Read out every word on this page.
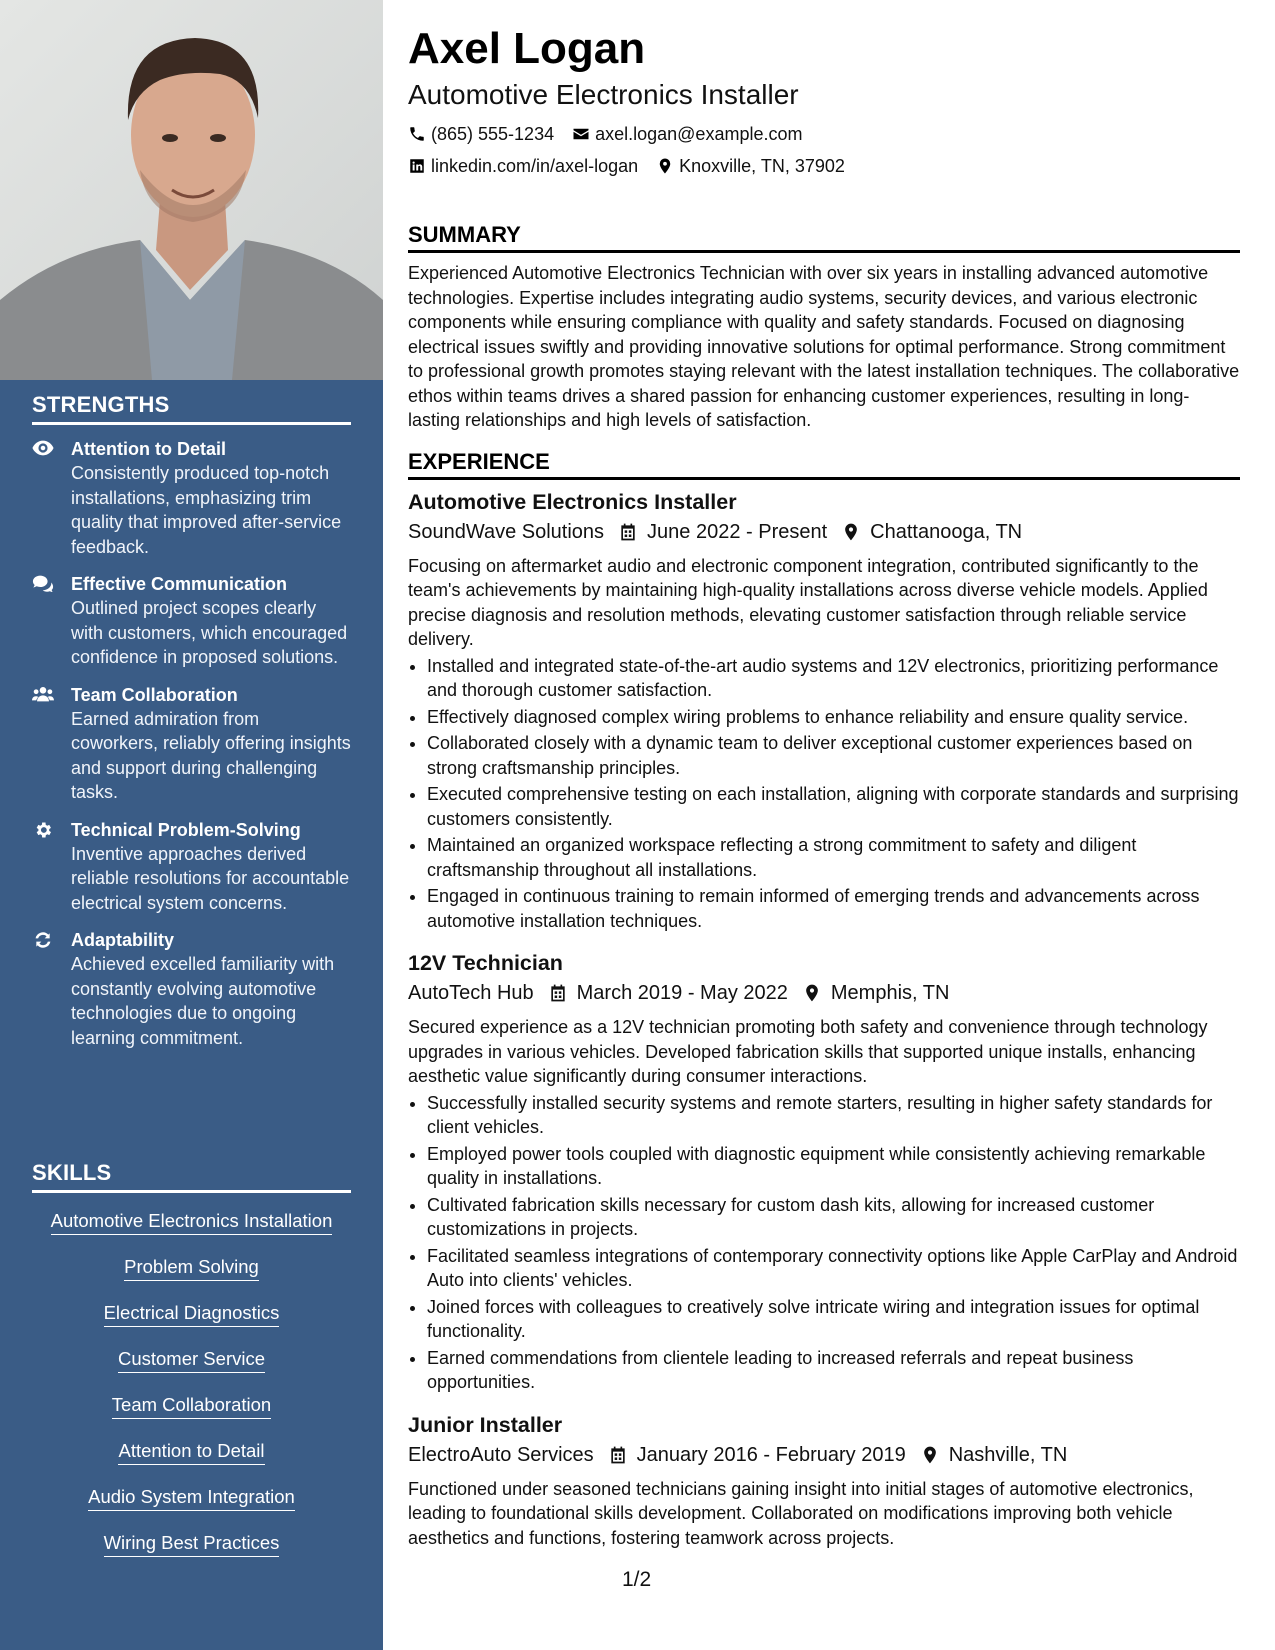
STRENGTHS
Attention to Detail
Consistently produced top-notch installations, emphasizing trim quality that improved after-service feedback.
Effective Communication
Outlined project scopes clearly with customers, which encouraged confidence in proposed solutions.
Team Collaboration
Earned admiration from coworkers, reliably offering insights and support during challenging tasks.
Technical Problem-Solving
Inventive approaches derived reliable resolutions for accountable electrical system concerns.
Adaptability
Achieved excelled familiarity with constantly evolving automotive technologies due to ongoing learning commitment.
SKILLS
Automotive Electronics Installation
Problem Solving
Electrical Diagnostics
Customer Service
Team Collaboration
Attention to Detail
Audio System Integration
Wiring Best Practices
Axel Logan
Automotive Electronics Installer
(865) 555-1234 axel.logan@example.com
linkedin.com/in/axel-logan Knoxville, TN, 37902
SUMMARY

Experienced Automotive Electronics Technician with over six years in installing advanced automotive technologies. Expertise includes integrating audio systems, security devices, and various electronic components while ensuring compliance with quality and safety standards. Focused on diagnosing electrical issues swiftly and providing innovative solutions for optimal performance. Strong commitment to professional growth promotes staying relevant with the latest installation techniques. The collaborative ethos within teams drives a shared passion for enhancing customer experiences, resulting in long-lasting relationships and high levels of satisfaction.

EXPERIENCE
Automotive Electronics Installer
SoundWave Solutions June 2022 - Present Chattanooga, TN

Focusing on aftermarket audio and electronic component integration, contributed significantly to the team's achievements by maintaining high-quality installations across diverse vehicle models. Applied precise diagnosis and resolution methods, elevating customer satisfaction through reliable service delivery.

• Installed and integrated state-of-the-art audio systems and 12V electronics, prioritizing performance and thorough customer satisfaction.
• Effectively diagnosed complex wiring problems to enhance reliability and ensure quality service.
• Collaborated closely with a dynamic team to deliver exceptional customer experiences based on strong craftsmanship principles.
• Executed comprehensive testing on each installation, aligning with corporate standards and surprising customers consistently.
• Maintained an organized workspace reflecting a strong commitment to safety and diligent craftsmanship throughout all installations.
• Engaged in continuous training to remain informed of emerging trends and advancements across automotive installation techniques.
12V Technician
AutoTech Hub March 2019 - May 2022 Memphis, TN

Secured experience as a 12V technician promoting both safety and convenience through technology upgrades in various vehicles. Developed fabrication skills that supported unique installs, enhancing aesthetic value significantly during consumer interactions.

• Successfully installed security systems and remote starters, resulting in higher safety standards for client vehicles.
• Employed power tools coupled with diagnostic equipment while consistently achieving remarkable quality in installations.
• Cultivated fabrication skills necessary for custom dash kits, allowing for increased customer customizations in projects.
• Facilitated seamless integrations of contemporary connectivity options like Apple CarPlay and Android Auto into clients' vehicles.
• Joined forces with colleagues to creatively solve intricate wiring and integration issues for optimal functionality.
• Earned commendations from clientele leading to increased referrals and repeat business opportunities.
Junior Installer
ElectroAuto Services January 2016 - February 2019 Nashville, TN

Functioned under seasoned technicians gaining insight into initial stages of automotive electronics, leading to foundational skills development. Collaborated on modifications improving both vehicle aesthetics and functions, fostering teamwork across projects.

1/2
